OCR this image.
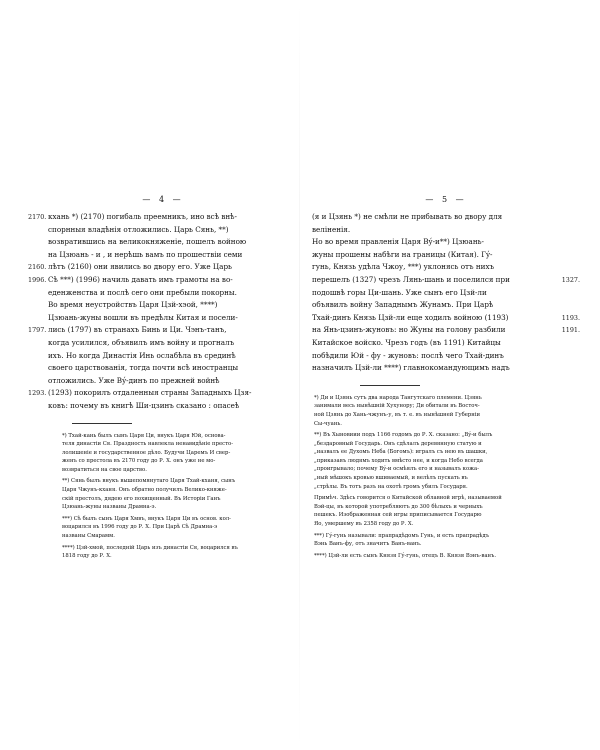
— 4 —
2170. кхань *) (2170) погибаль преемникъ, ино всѣ внѣ-
спорнныя владѣнія отложились. Царь Сянь, **)
возвратившись на великокняженіе, пошелъ войною
на Цзюань - и , и нерѣшь вамъ по прошествіи семи
2160. лѣтъ (2160) они явились во двору его. Уже Царь
1996. Сѣ ***) (1996) начиль давать имъ грамоты на во-
еденженства и послѣ сего они пребыли покорны.
Во время неустройствъ Царя Цзй-хэой, ****)
Цзюань-жуны вошли въ предѣлы Китая и посели-
1797. лись (1797) въ странахъ Бинь и Ци. Чэнъ-танъ,
когда усилился, объявилъ имъ войну и прогналъ
ихъ. Но когда Династія Инь ослабѣла въ срединѣ
своего царствованія, тогда почти всѣ иностранцы
отложились. Уже Вý-динъ по прежней войнѣ
1293. (1293) покорилъ отдаленныя страны Западныхъ Цзя-
ковъ: почему въ книгѣ Ши-цзинъ сказано : опасеѣ
*) Тхай-кань былъ сынъ Царя Ци, внукъ Царя Юй, основа-
теля династіи Ся. Праздность навлекла ненавидѣніе престо-
лолишеніе и государственное дѣло. Будучи Царемъ И свер-
женъ со престола въ 2170 году до Р. Х. онъ уже не мо-
возвратиться на свое царство.
**) Сянь былъ внукъ вышепомянутаго Царя Тхай-кханя, сынъ
Царя Чжунъ-кханя. Онъ обратно получилъ Велико-княже-
скій престолъ, дядею его похищенный. Въ Исторіи Ганъ
Цзюань-жуны названы Драмна-э.
***) Сѣ былъ сынъ Царя Хмвъ, внукъ Царя Ци въ основ. кол-
воцарился въ 1996 году до Р. Х. При Царѣ Сѣ Драмна-э
названы Смарамм.
****) Цзй-хмой, последній Царь изъ династіи Ся, воцарился въ
1818 году до Р. Х.
— 5 —
(я и Цзянь *) не смѣли не прибывать во двору для
веліненія.
Но во время правленія Царя Вý-и**) Цзюань-
жуны прошены набѣги на границы (Китая). Гý-
гунь, Князь удѣла Чжоу, ***) уклонясь отъ нихъ
перешелъ (1327) чрезъ Лянь-шань и поселился при	1327.
подошвѣ горы Ци-шань. Уже сынъ его Цзй-ли
объявилъ войну Западнымъ Жунамъ. При Царѣ
Тхай-динъ Князь Цзй-ли еще ходилъ войною (1193)	1193.
на Янь-цзинъ-жуновъ: но Жуны на голову разбили	1191.
Китайское войско. Чрезъ годъ (въ 1191) Китайцы
побѣдили Юй - фу - жуновъ: послѣ чего Тхай-динъ
назначилъ Цзй-ли ****) главнокомандующимъ надъ
*) Ди и Цзянь сутъ два народа Тангутскаго племени. Цзянь
занимали весь нынѣшній Хухунору; Ди обитали въ Восточ-
ной Цзянь до Хань-чжунъ-у, въ т. е. въ нынѣшней Губерніи
Сы-чуань.
**) Въ Хыновиии подъ 1166 годомъ до Р. Х. сказано: „Вý-и былъ
„бездаровный Государь. Онъ сдѣлалъ деревянную статую и
„назвалъ ее Духомъ Неба (Богомъ): игралъ съ нею въ шашки,
„приказавъ людямъ ходить вмѣсто нее, и когда Небо всегда
„проигрывало; почему Вý-и осмѣялъ его и называлъ кожа-
„ный мѣшокъ кровью вшиваемый, и велѣлъ пускать въ
„стрѣлы. Въ тотъ разъ на охотѣ громъ убилъ Государя.
Примѣч. Здѣсь говорится о Китайской облавной игрѣ, называемой
Вэй-цы, въ которой употребляютъ до 300 бѣлыхъ и черныхъ
пешекъ. Изображенная сей игры приписывается Государю
Яо, умершему въ 2358 году до Р. Х.
***) Гý-гунь называли: прапрадѣдомъ Гунь, и есть прапрадѣдъ
Вэнь Ванъ-фу, отъ значитъ Ванъ-ванъ.
****) Цзй-ли есть сынъ Князя Гý-гунь, отецъ В. Князя Вэнъ-ванъ.
